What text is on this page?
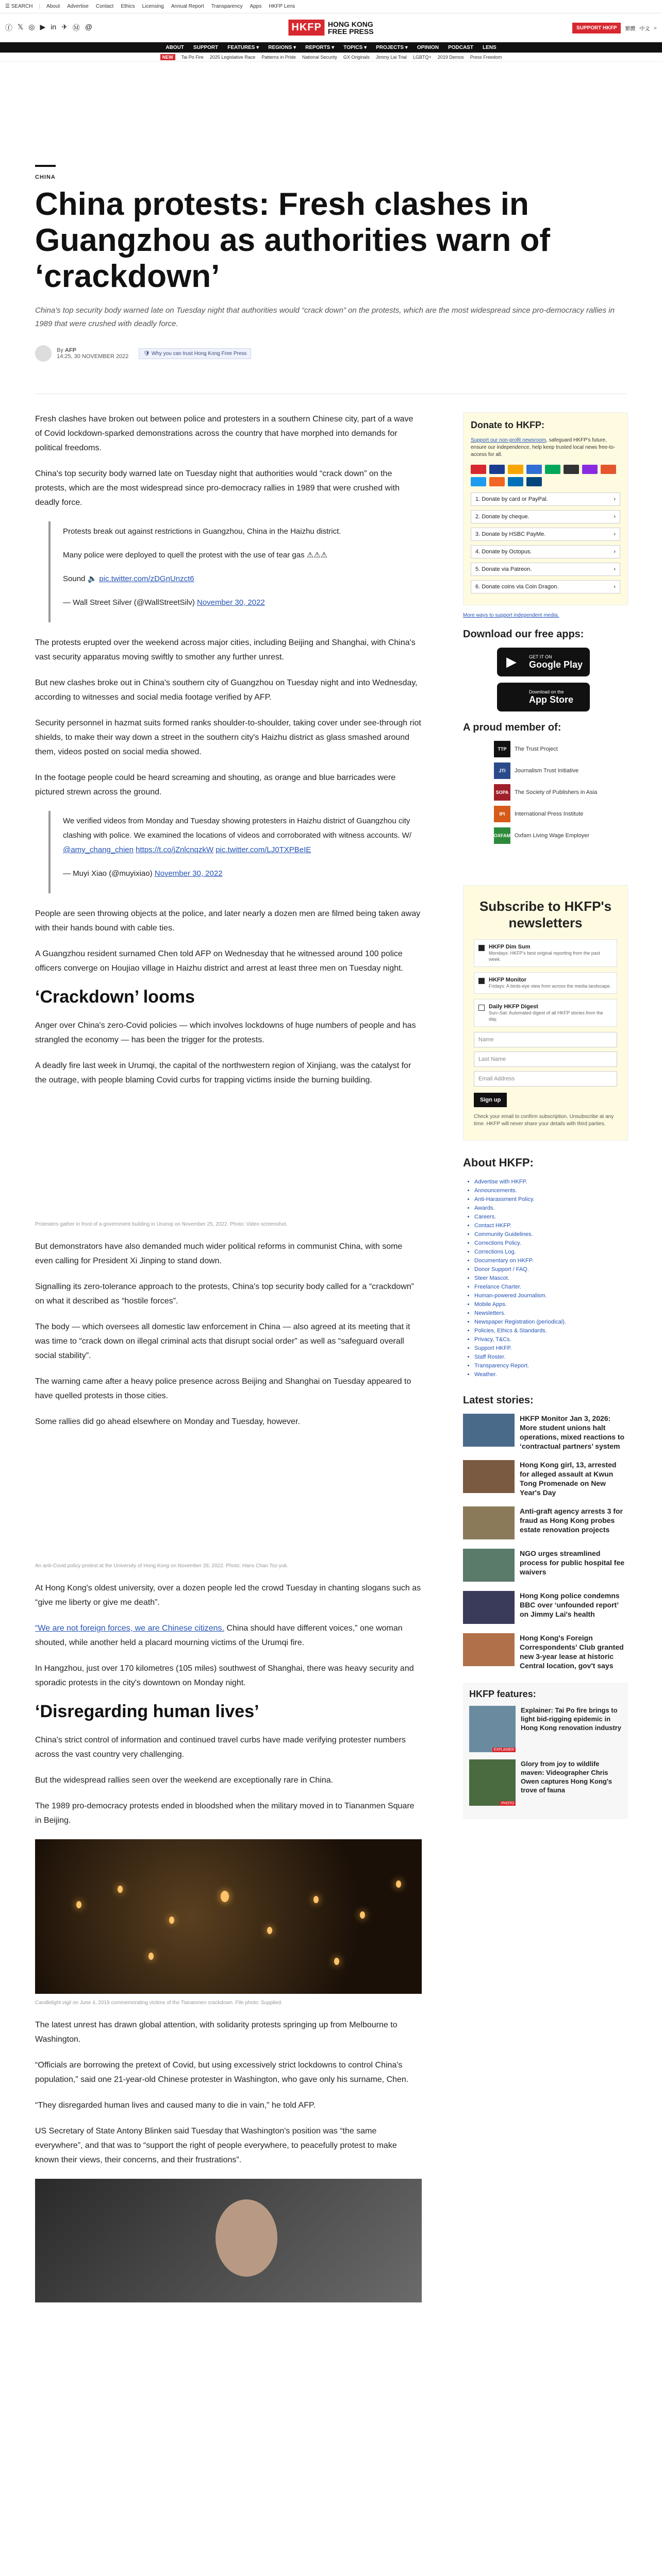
☰ SEARCH | About Advertise Contact Ethics Licensing Annual Report Transparency Apps HKFP Lens
ⓕ 𝕏 ◎ ▶ in ✈ Ⓜ @	HKFP HONG KONG
FREE PRESS	SUPPORT HKFP	繁體 中文 ⌕
ABOUT SUPPORT FEATURES ▾ REGIONS ▾ REPORTS ▾ TOPICS ▾ PROJECTS ▾ OPINION PODCAST LENS
NEW	Tai Po Fire 2025 Legislative Race Patterns in Pride National Security GX Originals Jimmy Lai Trial LGBTQ+ 2019 Demos Press Freedom
CHINA
China protests: Fresh clashes in Guangzhou as authorities warn of ‘crackdown’
China's top security body warned late on Tuesday night that authorities would “crack down” on the protests, which are the most widespread since pro-democracy rallies in 1989 that were crushed with deadly force.
By AFP
14:25, 30 NOVEMBER 2022	🛡 Why you can trust Hong Kong Free Press

Fresh clashes have broken out between police and protesters in a southern Chinese city, part of a wave of Covid lockdown-sparked demonstrations across the country that have morphed into demands for political freedoms.

China's top security body warned late on Tuesday night that authorities would “crack down” on the protests, which are the most widespread since pro-democracy rallies in 1989 that were crushed with deadly force.

Protests break out against restrictions in Guangzhou, China in the Haizhu district.

Many police were deployed to quell the protest with the use of tear gas ⚠⚠⚠

Sound 🔈 pic.twitter.com/zDGnUnzct6

— Wall Street Silver (@WallStreetSilv) November 30, 2022

The protests erupted over the weekend across major cities, including Beijing and Shanghai, with China's vast security apparatus moving swiftly to smother any further unrest.

But new clashes broke out in China's southern city of Guangzhou on Tuesday night and into Wednesday, according to witnesses and social media footage verified by AFP.

Security personnel in hazmat suits formed ranks shoulder-to-shoulder, taking cover under see-through riot shields, to make their way down a street in the southern city's Haizhu district as glass smashed around them, videos posted on social media showed.

In the footage people could be heard screaming and shouting, as orange and blue barricades were pictured strewn across the ground.

We verified videos from Monday and Tuesday showing protesters in Haizhu district of Guangzhou city clashing with police. We examined the locations of videos and corroborated with witness accounts. W/ @amy_chang_chien https://t.co/jZnlcnqzkW pic.twitter.com/LJ0TXPBeIE

— Muyi Xiao (@muyixiao) November 30, 2022

People are seen throwing objects at the police, and later nearly a dozen men are filmed being taken away with their hands bound with cable ties.

A Guangzhou resident surnamed Chen told AFP on Wednesday that he witnessed around 100 police officers converge on Houjiao village in Haizhu district and arrest at least three men on Tuesday night.

‘Crackdown’ looms

Anger over China's zero-Covid policies — which involves lockdowns of huge numbers of people and has strangled the economy — has been the trigger for the protests.

A deadly fire last week in Urumqi, the capital of the northwestern region of Xinjiang, was the catalyst for the outrage, with people blaming Covid curbs for trapping victims inside the burning building.

Protesters gather in front of a government building in Urumqi on November 25, 2022. Photo: Video screenshot.

But demonstrators have also demanded much wider political reforms in communist China, with some even calling for President Xi Jinping to stand down.

Signalling its zero-tolerance approach to the protests, China's top security body called for a “crackdown” on what it described as “hostile forces”.

The body — which oversees all domestic law enforcement in China — also agreed at its meeting that it was time to “crack down on illegal criminal acts that disrupt social order” as well as “safeguard overall social stability”.

The warning came after a heavy police presence across Beijing and Shanghai on Tuesday appeared to have quelled protests in those cities.

Some rallies did go ahead elsewhere on Monday and Tuesday, however.

An anti-Covid policy protest at the University of Hong Kong on November 28, 2022. Photo: Hans Chan Tsz-yuk.

At Hong Kong's oldest university, over a dozen people led the crowd Tuesday in chanting slogans such as “give me liberty or give me death”.

“We are not foreign forces, we are Chinese citizens. China should have different voices,” one woman shouted, while another held a placard mourning victims of the Urumqi fire.

In Hangzhou, just over 170 kilometres (105 miles) southwest of Shanghai, there was heavy security and sporadic protests in the city's downtown on Monday night.

‘Disregarding human lives’

China's strict control of information and continued travel curbs have made verifying protester numbers across the vast country very challenging.

But the widespread rallies seen over the weekend are exceptionally rare in China.

The 1989 pro-democracy protests ended in bloodshed when the military moved in to Tiananmen Square in Beijing.

Candlelight vigil on June 4, 2019 commemorating victims of the Tiananmen crackdown. File photo: Supplied.

The latest unrest has drawn global attention, with solidarity protests springing up from Melbourne to Washington.

“Officials are borrowing the pretext of Covid, but using excessively strict lockdowns to control China's population,” said one 21-year-old Chinese protester in Washington, who gave only his surname, Chen.

“They disregarded human lives and caused many to die in vain,” he told AFP.

US Secretary of State Antony Blinken said Tuesday that Washington's position was “the same everywhere”, and that was to “support the right of people everywhere, to peacefully protest to make known their views, their concerns, and their frustrations”.

Donate to HKFP:
Support our non-profit newsroom, safeguard HKFP's future, ensure our independence, help keep trusted local news free-to-access for all.
1. Donate by card or PayPal.	›
2. Donate by cheque.	›
3. Donate by HSBC PayMe.	›
4. Donate by Octopus.	›
5. Donate via Patreon.	›
6. Donate coins via Coin Dragon.	›
More ways to support independent media.
Download our free apps:
▶	GET IT ON
Google Play
Download on the
App Store
A proud member of:
TTP	The Trust Project
JTI	Journalism Trust Initiative
SOPA	The Society of Publishers in Asia
IPI	International Press Institute
OXFAM Oxfam Living Wage Employer
Subscribe to HKFP's newsletters
HKFP Dim Sum
Mondays: HKFP's best original reporting from the past week.
HKFP Monitor
Fridays: A birds-eye view from across the media landscape.
Daily HKFP Digest
Sun–Sat: Automated digest of all HKFP stories from the day.
Name
Last Name
Email Address
Sign up
Check your email to confirm subscription. Unsubscribe at any time. HKFP will never share your details with third parties.
About HKFP:
• Advertise with HKFP.
• Announcements.
• Anti-Harassment Policy.
• Awards.
• Careers.
• Contact HKFP.
• Community Guidelines.
• Corrections Policy.
• Corrections Log.
• Documentary on HKFP.
• Donor Support / FAQ.
• Steer Mascot.
• Freelance Charter.
• Human-powered Journalism.
• Mobile Apps.
• Newsletters.
• Newspaper Registration (periodical).
• Policies, Ethics & Standards.
• Privacy, T&Cs.
• Support HKFP.
• Staff Roster.
• Transparency Report.
• Weather.
Latest stories:
HKFP Monitor Jan 3, 2026: More student unions halt operations, mixed reactions to ‘contractual partners’ system
Hong Kong girl, 13, arrested for alleged assault at Kwun Tong Promenade on New Year's Day
Anti-graft agency arrests 3 for fraud as Hong Kong probes estate renovation projects
NGO urges streamlined process for public hospital fee waivers
Hong Kong police condemns BBC over ‘unfounded report’ on Jimmy Lai's health
Hong Kong's Foreign Correspondents' Club granted new 3-year lease at historic Central location, gov't says
HKFP features:
EXPLAINER
Explainer: Tai Po fire brings to light bid-rigging epidemic in Hong Kong renovation industry
PHOTO
Glory from joy to wildlife maven: Videographer Chris Owen captures Hong Kong's trove of fauna
